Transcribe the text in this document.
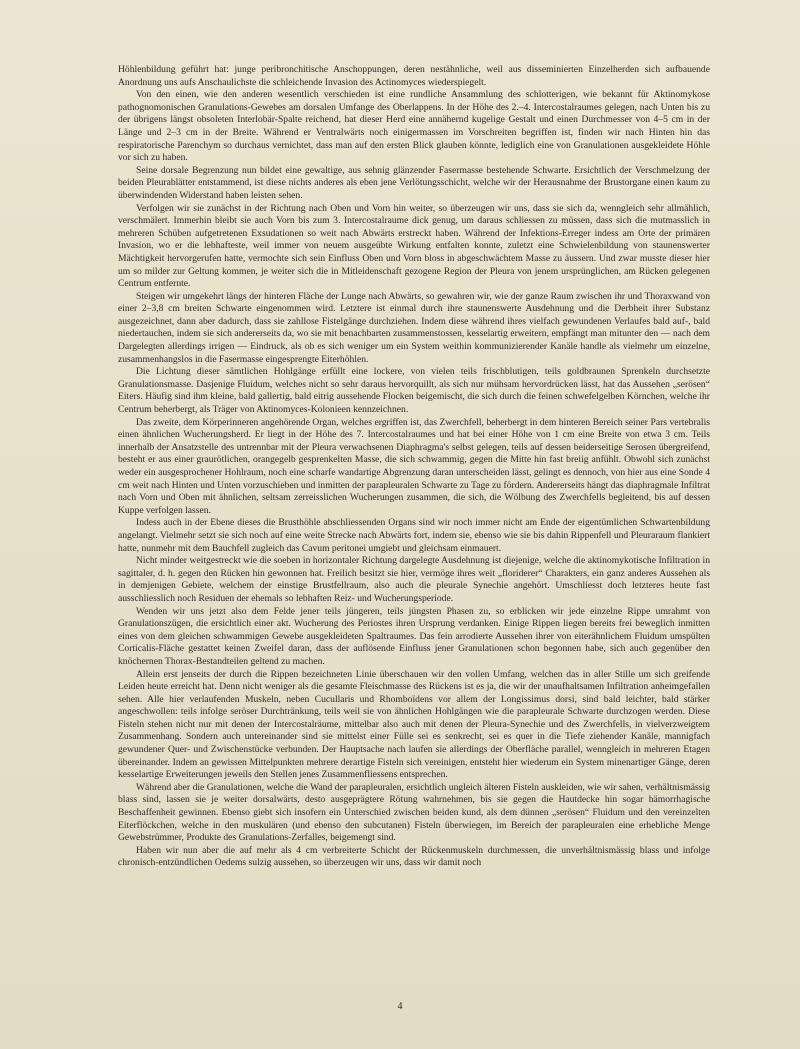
Höhlenbildung geführt hat: junge peribronchitische Anschoppungen, deren nestähnliche, weil aus disseminierten Einzelherden sich aufbauende Anordnung uns aufs Anschaulichste die schleichende Invasion des Actinomyces wiederspiegelt.

Von den einen, wie den anderen wesentlich verschieden ist eine rundliche Ansammlung des schlotterigen, wie bekannt für Aktinomykose pathognomonischen Granulations-Gewebes am dorsalen Umfange des Oberlappens. In der Höhe des 2.–4. Intercostalraumes gelegen, nach Unten bis zu der übrigens längst obsoleten Interlobär-Spalte reichend, hat dieser Herd eine annähernd kugelige Gestalt und einen Durchmesser von 4–5 cm in der Länge und 2–3 cm in der Breite. Während er Ventralwärts noch einigermassen im Vorschreiten begriffen ist, finden wir nach Hinten hin das respiratorische Parenchym so durchaus vernichtet, dass man auf den ersten Blick glauben könnte, lediglich eine von Granulationen ausgekleidete Höhle vor sich zu haben.

Seine dorsale Begrenzung nun bildet eine gewaltige, aus sehnig glänzender Fasermasse bestehende Schwarte. Ersichtlich der Verschmelzung der beiden Pleurablätter entstammend, ist diese nichts anderes als eben jene Verlötungsschicht, welche wir der Herausnahme der Brustorgane einen kaum zu überwindenden Widerstand haben leisten sehen.

Verfolgen wir sie zunächst in der Richtung nach Oben und Vorn hin weiter, so überzeugen wir uns, dass sie sich da, wenngleich sehr allmählich, verschmälert. Immerhin bleibt sie auch Vorn bis zum 3. Intercostalraume dick genug, um daraus schliessen zu müssen, dass sich die mutmasslich in mehreren Schüben aufgetretenen Exsudationen so weit nach Abwärts erstreckt haben. Während der Infektions-Erreger indess am Orte der primären Invasion, wo er die lebhafteste, weil immer von neuem ausgeübte Wirkung entfalten konnte, zuletzt eine Schwielenbildung von staunenswerter Mächtigkeit hervorgerufen hatte, vermochte sich sein Einfluss Oben und Vorn bloss in abgeschwächtem Masse zu äussern. Und zwar musste dieser hier um so milder zur Geltung kommen, je weiter sich die in Mitleidenschaft gezogene Region der Pleura von jenem ursprünglichen, am Rücken gelegenen Centrum entfernte.

Steigen wir umgekehrt längs der hinteren Fläche der Lunge nach Abwärts, so gewahren wir, wie der ganze Raum zwischen ihr und Thoraxwand von einer 2–3,8 cm breiten Schwarte eingenommen wird. Letztere ist einmal durch ihre staunenswerte Ausdehnung und die Derbheit ihrer Substanz ausgezeichnet, dann aber dadurch, dass sie zahllose Fistelgänge durchziehen. Indem diese während ihres vielfach gewundenen Verlaufes bald auf-, bald niedertauchen, indem sie sich andererseits da, wo sie mit benachbarten zusammenstossen, kesselartig erweitern, empfängt man mitunter den — nach dem Dargelegten allerdings irrigen — Eindruck, als ob es sich weniger um ein System weithin kommunizierender Kanäle handle als vielmehr um einzelne, zusammenhangslos in die Fasermasse eingesprengte Eiterhöhlen.

Die Lichtung dieser sämtlichen Hohlgänge erfüllt eine lockere, von vielen teils frischblutigen, teils goldbraunen Sprenkeln durchsetzte Granulationsmasse. Dasjenige Fluidum, welches nicht so sehr daraus hervorquillt, als sich nur mühsam hervordrücken lässt, hat das Aussehen „serösen“ Eiters. Häufig sind ihm kleine, bald gallertig, bald eitrig aussehende Flocken beigemischt, die sich durch die feinen schwefelgelben Körnchen, welche ihr Centrum beherbergt, als Träger von Aktinomyces-Kolonieen kennzeichnen.

Das zweite, dem Körperinneren angehörende Organ, welches ergriffen ist, das Zwerchfell, beherbergt in dem hinteren Bereich seiner Pars vertebralis einen ähnlichen Wucherungsherd. Er liegt in der Höhe des 7. Intercostalraumes und hat bei einer Höhe von 1 cm eine Breite von etwa 3 cm. Teils innerhalb der Ansatzstelle des untrennbar mit der Pleura verwachsenen Diaphragma's selbst gelegen, teils auf dessen beiderseitige Serosen übergreifend, besteht er aus einer graurötlichen, orangegelb gesprenkelten Masse, die sich schwammig, gegen die Mitte hin fast breiig anfühlt. Obwohl sich zunächst weder ein ausgesprochener Hohlraum, noch eine scharfe wandartige Abgrenzung daran unterscheiden lässt, gelingt es dennoch, von hier aus eine Sonde 4 cm weit nach Hinten und Unten vorzuschieben und inmitten der parapleuralen Schwarte zu Tage zu fördern. Andererseits hängt das diaphragmale Infiltrat nach Vorn und Oben mit ähnlichen, seltsam zerreisslichen Wucherungen zusammen, die sich, die Wölbung des Zwerchfells begleitend, bis auf dessen Kuppe verfolgen lassen.

Indess auch in der Ebene dieses die Brusthöhle abschliessenden Organs sind wir noch immer nicht am Ende der eigentümlichen Schwartenbildung angelangt. Vielmehr setzt sie sich noch auf eine weite Strecke nach Abwärts fort, indem sie, ebenso wie sie bis dahin Rippenfell und Pleuraraum flankiert hatte, nunmehr mit dem Bauchfell zugleich das Cavum peritonei umgiebt und gleichsam einmauert.

Nicht minder weitgestreckt wie die soeben in horizontaler Richtung dargelegte Ausdehnung ist diejenige, welche die aktinomykotische Infiltration in sagittaler, d. h. gegen den Rücken hin gewonnen hat. Freilich besitzt sie hier, vermöge ihres weit „floriderer“ Charakters, ein ganz anderes Aussehen als in demjenigen Gebiete, welchem der einstige Brustfellraum, also auch die pleurale Synechie angehört. Umschliesst doch letzteres heute fast ausschliesslich noch Residuen der ehemals so lebhaften Reiz- und Wucherungsperiode.

Wenden wir uns jetzt also dem Felde jener teils jüngeren, teils jüngsten Phasen zu, so erblicken wir jede einzelne Rippe umrahmt von Granulationszügen, die ersichtlich einer akt. Wucherung des Periostes ihren Ursprung verdanken. Einige Rippen liegen bereits frei beweglich inmitten eines von dem gleichen schwammigen Gewebe ausgekleideten Spaltraumes. Das fein arrodierte Aussehen ihrer von eiterähnlichem Fluidum umspülten Corticalis-Fläche gestattet keinen Zweifel daran, dass der auflösende Einfluss jener Granulationen schon begonnen habe, sich auch gegenüber den knöchernen Thorax-Bestandteilen geltend zu machen.

Allein erst jenseits der durch die Rippen bezeichneten Linie überschauen wir den vollen Umfang, welchen das in aller Stille um sich greifende Leiden heute erreicht hat. Denn nicht weniger als die gesamte Fleischmasse des Rückens ist es ja, die wir der unaufhaltsamen Infiltration anheimgefallen sehen. Alle hier verlaufenden Muskeln, neben Cucullaris und Rhomboïdens vor allem der Longissimus dorsi, sind bald leichter, bald stärker angeschwollen: teils infolge seröser Durchtränkung, teils weil sie von ähnlichen Hohlgängen wie die parapleurale Schwarte durchzogen werden. Diese Fisteln stehen nicht nur mit denen der Intercostalräume, mittelbar also auch mit denen der Pleura-Synechie und des Zwerchfells, in vielverzweigtem Zusammenhang. Sondern auch untereinander sind sie mittelst einer Fülle sei es senkrecht, sei es quer in die Tiefe ziehender Kanäle, mannigfach gewundener Quer- und Zwischenstücke verbunden. Der Hauptsache nach laufen sie allerdings der Oberfläche parallel, wenngleich in mehreren Etagen übereinander. Indem an gewissen Mittelpunkten mehrere derartige Fisteln sich vereinigen, entsteht hier wiederum ein System minenartiger Gänge, deren kesselartige Erweiterungen jeweils den Stellen jenes Zusammenfliessens entsprechen.

Während aber die Granulationen, welche die Wand der parapleuralen, ersichtlich ungleich älteren Fisteln auskleiden, wie wir sahen, verhältnismässig blass sind, lassen sie je weiter dorsalwärts, desto ausgeprägtere Rötung wahrnehmen, bis sie gegen die Hautdecke hin sogar hämorrhagische Beschaffenheit gewinnen. Ebenso giebt sich insofern ein Unterschied zwischen beiden kund, als dem dünnen „serösen“ Fluidum und den vereinzelten Eiterflöckchen, welche in den muskulären (und ebenso den subcutanen) Fisteln überwiegen, im Bereich der parapleuralen eine erhebliche Menge Gewebstrümmer, Produkte des Granulations-Zerfalles, beigemengt sind.

Haben wir nun aber die auf mehr als 4 cm verbreiterte Schicht der Rückenmuskeln durchmessen, die unverhältnismässig blass und infolge chronisch-entzündlichen Oedems sulzig aussehen, so überzeugen wir uns, dass wir damit noch

4
